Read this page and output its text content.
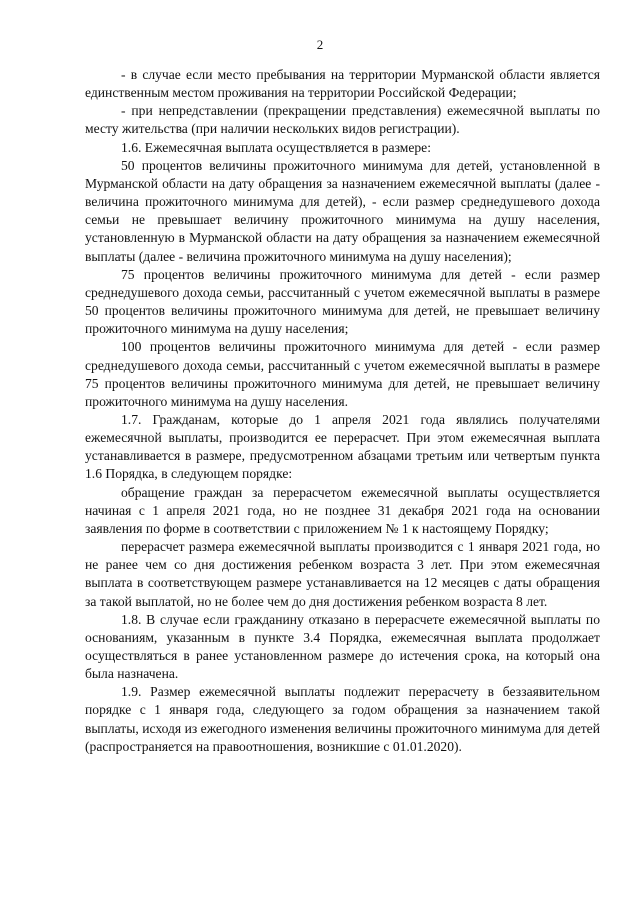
2

- в случае если место пребывания на территории Мурманской области является единственным местом проживания на территории Российской Федерации;

- при непредставлении (прекращении представления) ежемесячной выплаты по месту жительства (при наличии нескольких видов регистрации).

1.6. Ежемесячная выплата осуществляется в размере:

50 процентов величины прожиточного минимума для детей, установленной в Мурманской области на дату обращения за назначением ежемесячной выплаты (далее - величина прожиточного минимума для детей), - если размер среднедушевого дохода семьи не превышает величину прожиточного минимума на душу населения, установленную в Мурманской области на дату обращения за назначением ежемесячной выплаты (далее - величина прожиточного минимума на душу населения);

75 процентов величины прожиточного минимума для детей - если размер среднедушевого дохода семьи, рассчитанный с учетом ежемесячной выплаты в размере 50 процентов величины прожиточного минимума для детей, не превышает величину прожиточного минимума на душу населения;

100 процентов величины прожиточного минимума для детей - если размер среднедушевого дохода семьи, рассчитанный с учетом ежемесячной выплаты в размере 75 процентов величины прожиточного минимума для детей, не превышает величину прожиточного минимума на душу населения.

1.7. Гражданам, которые до 1 апреля 2021 года являлись получателями ежемесячной выплаты, производится ее перерасчет. При этом ежемесячная выплата устанавливается в размере, предусмотренном абзацами третьим или четвертым пункта 1.6 Порядка, в следующем порядке:

обращение граждан за перерасчетом ежемесячной выплаты осуществляется начиная с 1 апреля 2021 года, но не позднее 31 декабря 2021 года на основании заявления по форме в соответствии с приложением № 1 к настоящему Порядку;

перерасчет размера ежемесячной выплаты производится с 1 января 2021 года, но не ранее чем со дня достижения ребенком возраста 3 лет. При этом ежемесячная выплата в соответствующем размере устанавливается на 12 месяцев с даты обращения за такой выплатой, но не более чем до дня достижения ребенком возраста 8 лет.

1.8. В случае если гражданину отказано в перерасчете ежемесячной выплаты по основаниям, указанным в пункте 3.4 Порядка, ежемесячная выплата продолжает осуществляться в ранее установленном размере до истечения срока, на который она была назначена.

1.9. Размер ежемесячной выплаты подлежит перерасчету в беззаявительном порядке с 1 января года, следующего за годом обращения за назначением такой выплаты, исходя из ежегодного изменения величины прожиточного минимума для детей (распространяется на правоотношения, возникшие с 01.01.2020).
